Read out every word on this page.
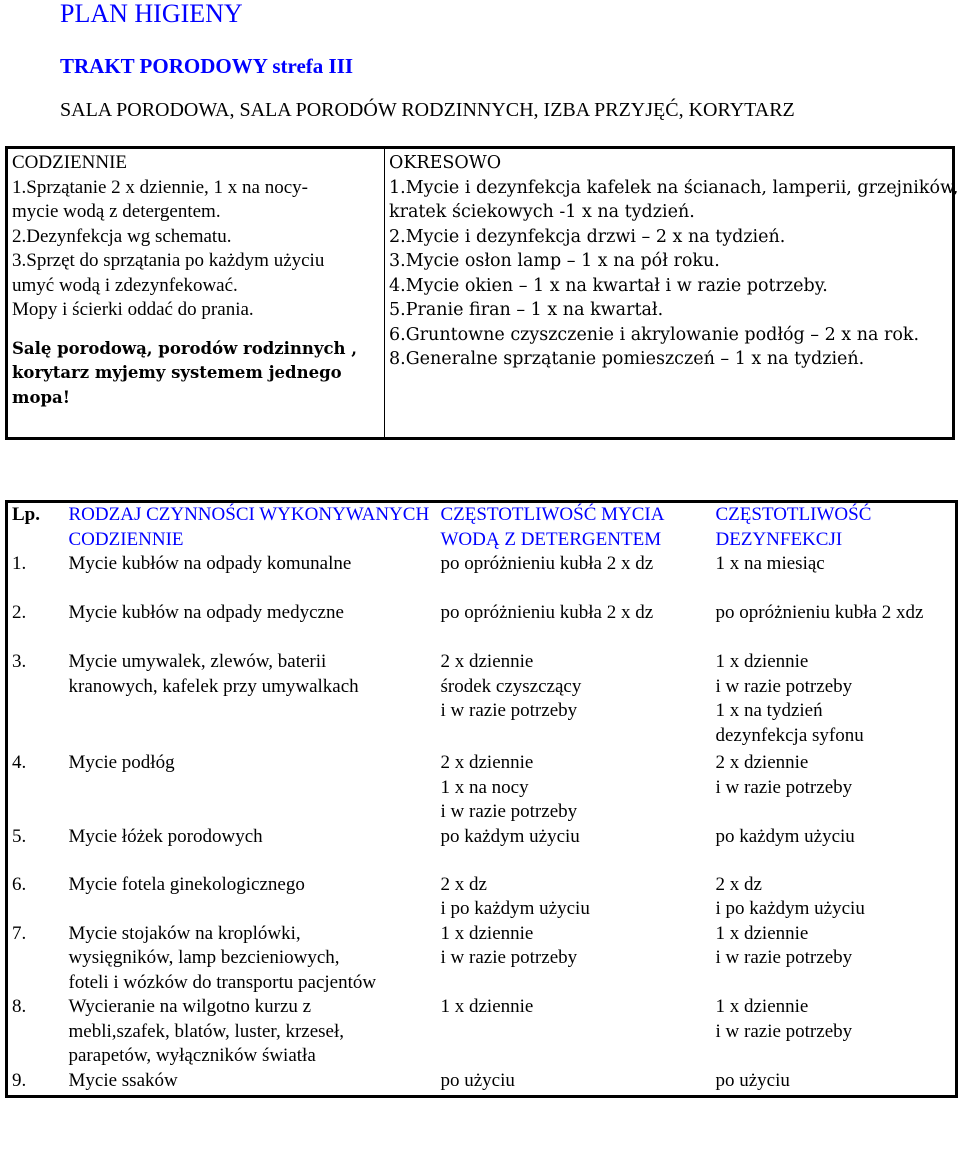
PLAN HIGIENY
TRAKT PORODOWY strefa III
SALA PORODOWA, SALA PORODÓW RODZINNYCH, IZBA PRZYJĘĆ, KORYTARZ
CODZIENNIE
1.Sprzątanie 2 x dziennie, 1 x na nocy-
mycie wodą z detergentem.
2.Dezynfekcja wg schematu.
3.Sprzęt do sprzątania po każdym użyciu
umyć wodą i zdezynfekować.
Mopy i ścierki oddać do prania.
Salę porodową, porodów rodzinnych ,
korytarz myjemy systemem jednego
mopa!
OKRESOWO
1.Mycie i dezynfekcja kafelek na ścianach, lamperii, grzejników,
kratek ściekowych -1 x na tydzień.
2.Mycie i dezynfekcja drzwi – 2 x na tydzień.
3.Mycie osłon lamp – 1 x na pół roku.
4.Mycie okien – 1 x na kwartał i w razie potrzeby.
5.Pranie firan – 1 x na kwartał.
6.Gruntowne czyszczenie i akrylowanie podłóg – 2 x na rok.
8.Generalne sprzątanie pomieszczeń – 1 x na tydzień.
Lp.	RODZAJ CZYNNOŚCI WYKONYWANYCH CODZIENNIE	CZĘSTOTLIWOŚĆ MYCIA WODĄ Z DETERGENTEM	CZĘSTOTLIWOŚĆ DEZYNFEKCJI
1.	Mycie kubłów na odpady komunalne	po opróżnieniu kubła 2 x dz	1 x na miesiąc

2.	Mycie kubłów na odpady medyczne	po opróżnieniu kubła 2 x dz	po opróżnieniu kubła 2 xdz

3.	Mycie umywalek, zlewów, baterii
kranowych, kafelek przy umywalkach	2 x dziennie
środek czyszczący
i w razie potrzeby	1 x dziennie
i w razie potrzeby
1 x na tydzień
dezynfekcja syfonu

4.	Mycie podłóg	2 x dziennie
1 x na nocy
i w razie potrzeby	2 x dziennie
i w razie potrzeby

5.	Mycie łóżek porodowych	po każdym użyciu	po każdym użyciu

6.	Mycie fotela ginekologicznego	2 x dz
i po każdym użyciu	2 x dz
i po każdym użyciu

7.	Mycie stojaków na kroplówki,
wysięgników, lamp bezcieniowych,
foteli i wózków do transportu pacjentów	1 x dziennie
i w razie potrzeby	1 x dziennie
i w razie potrzeby

8.	Wycieranie na wilgotno kurzu z
mebli,szafek, blatów, luster, krzeseł,
parapetów, wyłączników światła	1 x dziennie	1 x dziennie
i w razie potrzeby

9.	Mycie ssaków	po użyciu	po użyciu
